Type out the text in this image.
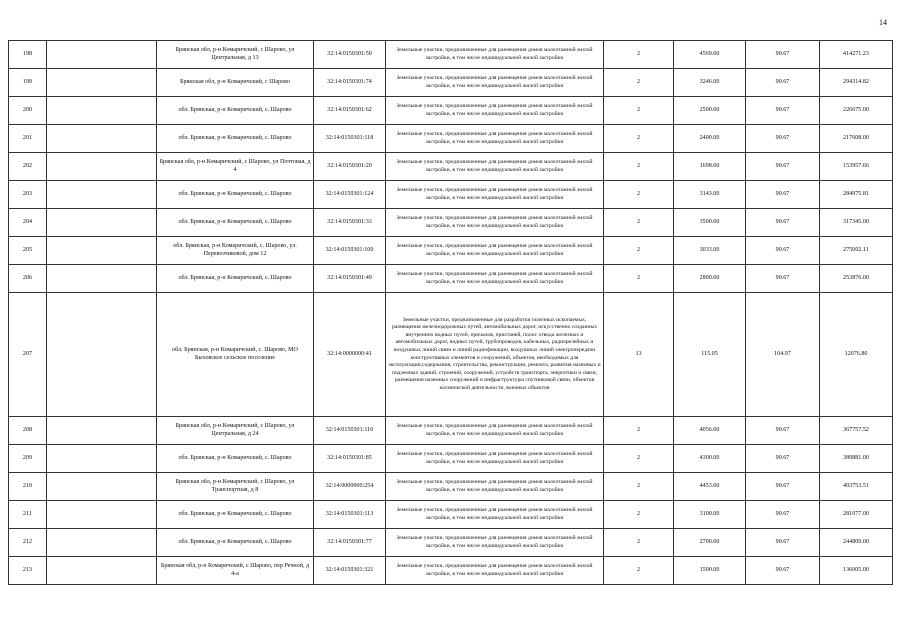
14
198		Брянская обл, р-н Комаричский, с Шарово, ул Центральная, д 13	32:14:0150301:50	Земельные участки, предназначенные для размещения домов малоэтажной жилой застройки, в том числе индивидуальной жилой застройки	2	4569.00	90.67	414271.23
199		Брянская обл, р-н Комаричский, с Шарово	32:14:0150301:74	Земельные участки, предназначенные для размещения домов малоэтажной жилой застройки, в том числе индивидуальной жилой застройки	2	3246.00	90.67	294314.82
200		обл. Брянская, р-н Комаричский, с. Шарово	32:14:0150301:62	Земельные участки, предназначенные для размещения домов малоэтажной жилой застройки, в том числе индивидуальной жилой застройки	2	2500.00	90.67	226675.00
201		обл. Брянская, р-н Комаричский, с. Шарово	32:14:0150301:118	Земельные участки, предназначенные для размещения домов малоэтажной жилой застройки, в том числе индивидуальной жилой застройки	2	2400.00	90.67	217608.00
202		Брянская обл, р-н Комаричский, с Шарово, ул Почтовая, д 4	32:14:0150301:20	Земельные участки, предназначенные для размещения домов малоэтажной жилой застройки, в том числе индивидуальной жилой застройки	2	1698.00	90.67	153957.66
203		обл. Брянская, р-н Комаричский, с. Шарово	32:14:0150301:124	Земельные участки, предназначенные для размещения домов малоэтажной жилой застройки, в том числе индивидуальной жилой застройки	2	3143.00	90.67	284975.81
204		обл. Брянская, р-н Комаричский, с. Шарово	32:14:0150301:33	Земельные участки, предназначенные для размещения домов малоэтажной жилой застройки, в том числе индивидуальной жилой застройки	2	3500.00	90.67	317345.00
205		обл. Брянская, р-н Комаричский, с. Шарово, ул. Перевозчиковой, дом 12	32:14:0150301:100	Земельные участки, предназначенные для размещения домов малоэтажной жилой застройки, в том числе индивидуальной жилой застройки	2	3033.00	90.67	275002.11
206		обл. Брянская, р-н Комаричский, с. Шарово	32:14:0150301:49	Земельные участки, предназначенные для размещения домов малоэтажной жилой застройки, в том числе индивидуальной жилой застройки	2	2800.00	90.67	253876.00
207		обл. Брянская, р-н Комаричский, с. Шарово, МО Быховское сельское поселение	32:14:0000000:41	Земельные участки, предназначенные для разработки полезных ископаемых, размещения железнодорожных путей, автомобильных дорог, искусственно созданных внутренних водных путей, причалов, пристаней, полос отвода железных и автомобильных дорог, водных путей, трубопроводов, кабельных, радиорелейных и воздушных линий связи и линий радиофикации, воздушных линий электропередачи конструктивных элементов и сооружений, объектов, необходимых для эксплуатации,содержания, строительства, реконструкции, ремонта, развития наземных и подземных зданий, строений, сооружений, устройств транспорта, энергетики и связи; размещения наземных сооружений и инфраструктуры спутниковой связи, объектов космической деятельности, военных объектов	13	115.05	104.97	12076.80
208		Брянская обл, р-н Комаричский, с Шарово, ул Центральная, д 24	32:14:0150301:110	Земельные участки, предназначенные для размещения домов малоэтажной жилой застройки, в том числе индивидуальной жилой застройки	2	4056.00	90.67	367757.52
209		обл. Брянская, р-н Комаричский, с. Шарово	32:14:0150301:85	Земельные участки, предназначенные для размещения домов малоэтажной жилой застройки, в том числе индивидуальной жилой застройки	2	4300.00	90.67	389881.00
210		Брянская обл, р-н Комаричский, с Шарово, ул Транспортная, д 8	32:14:0000000:254	Земельные участки, предназначенные для размещения домов малоэтажной жилой застройки, в том числе индивидуальной жилой застройки	2	4453.00	90.67	403753.51
211		обл. Брянская, р-н Комаричский, с. Шарово	32:14:0150301:113	Земельные участки, предназначенные для размещения домов малоэтажной жилой застройки, в том числе индивидуальной жилой застройки	2	3100.00	90.67	281077.00
212		обл. Брянская, р-н Комаричский, с. Шарово	32:14:0150301:77	Земельные участки, предназначенные для размещения домов малоэтажной жилой застройки, в том числе индивидуальной жилой застройки	2	2700.00	90.67	244809.00
213		Брянская обл, р-н Комаричский, с Шарово, пер Речной, д 4-а	32:14:0150301:321	Земельные участки, предназначенные для размещения домов малоэтажной жилой застройки, в том числе индивидуальной жилой застройки	2	1500.00	90.67	136005.00
